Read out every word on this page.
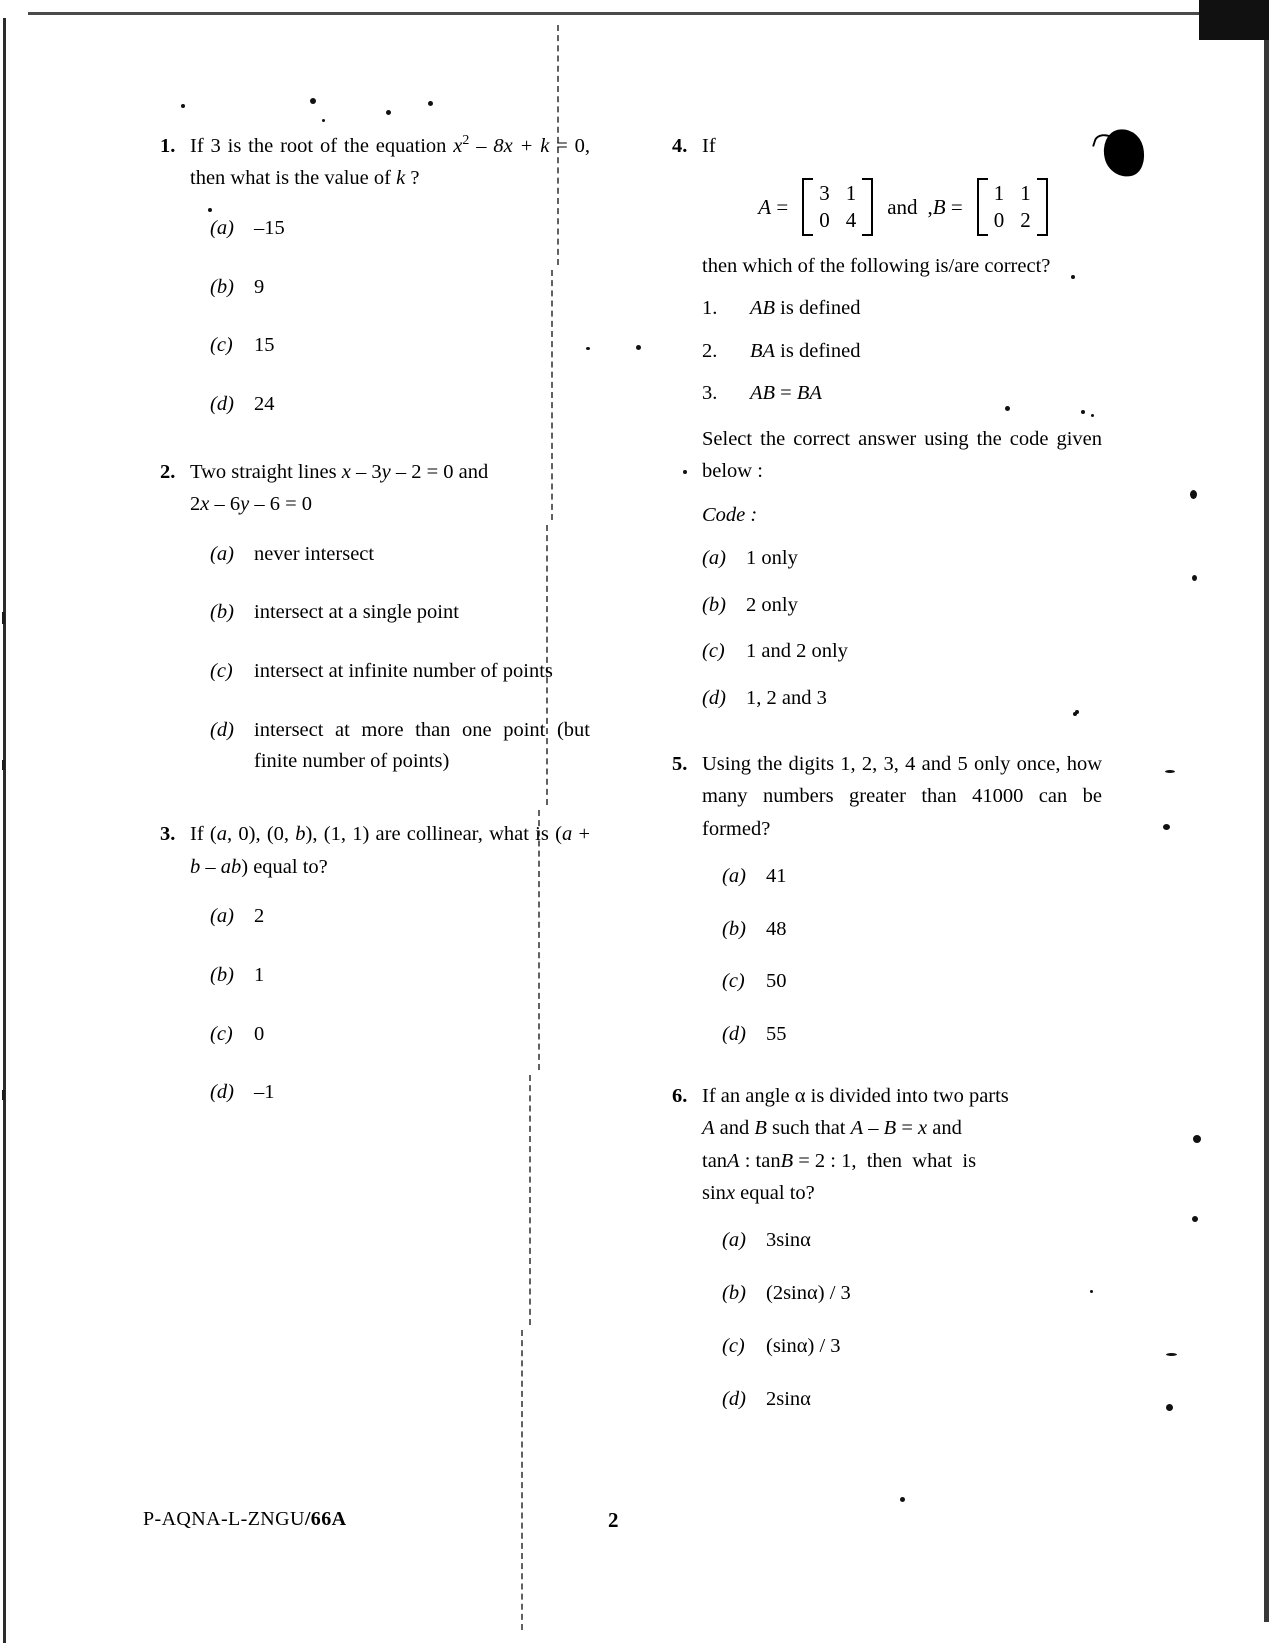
1. If 3 is the root of the equation $x^2 - 8x + k = 0$, then what is the value of k ?
(a) –15
(b) 9
(c)	15
(d) 24
2. Two straight lines x – 3y – 2 = 0 and
2x – 6y – 6 = 0
(a) never intersect
(b) intersect at a single point
(c)	intersect at infinite number of points
(d) intersect at more than one point (but finite number of points)
3. If (a, 0), (0, b), (1, 1) are collinear, what is (a + b – ab) equal to?
(a) 2
(b) 1
(c)	0
(d) –1
4. If
A =
3 1
0 4
and ,B =
1 1
0 2
then which of the following is/are correct?
1.	AB is defined
2.	BA is defined
3.	AB = BA
Select the correct answer using the code given below :
Code :
(a) 1 only
(b) 2 only
(c)	1 and 2 only
(d) 1, 2 and 3
5. Using the digits 1, 2, 3, 4 and 5 only once, how many numbers greater than 41000 can be formed?
(a) 41
(b) 48
(c)	50
(d) 55
6. If an angle α is divided into two parts
A and B such that A – B = x and
tanA : tanB = 2 : 1,  then  what  is
sinx equal to?
(a) 3sinα
(b) (2sinα) / 3
(c)	(sinα) / 3
(d) 2sinα
P-AQNA-L-ZNGU/66A	2
